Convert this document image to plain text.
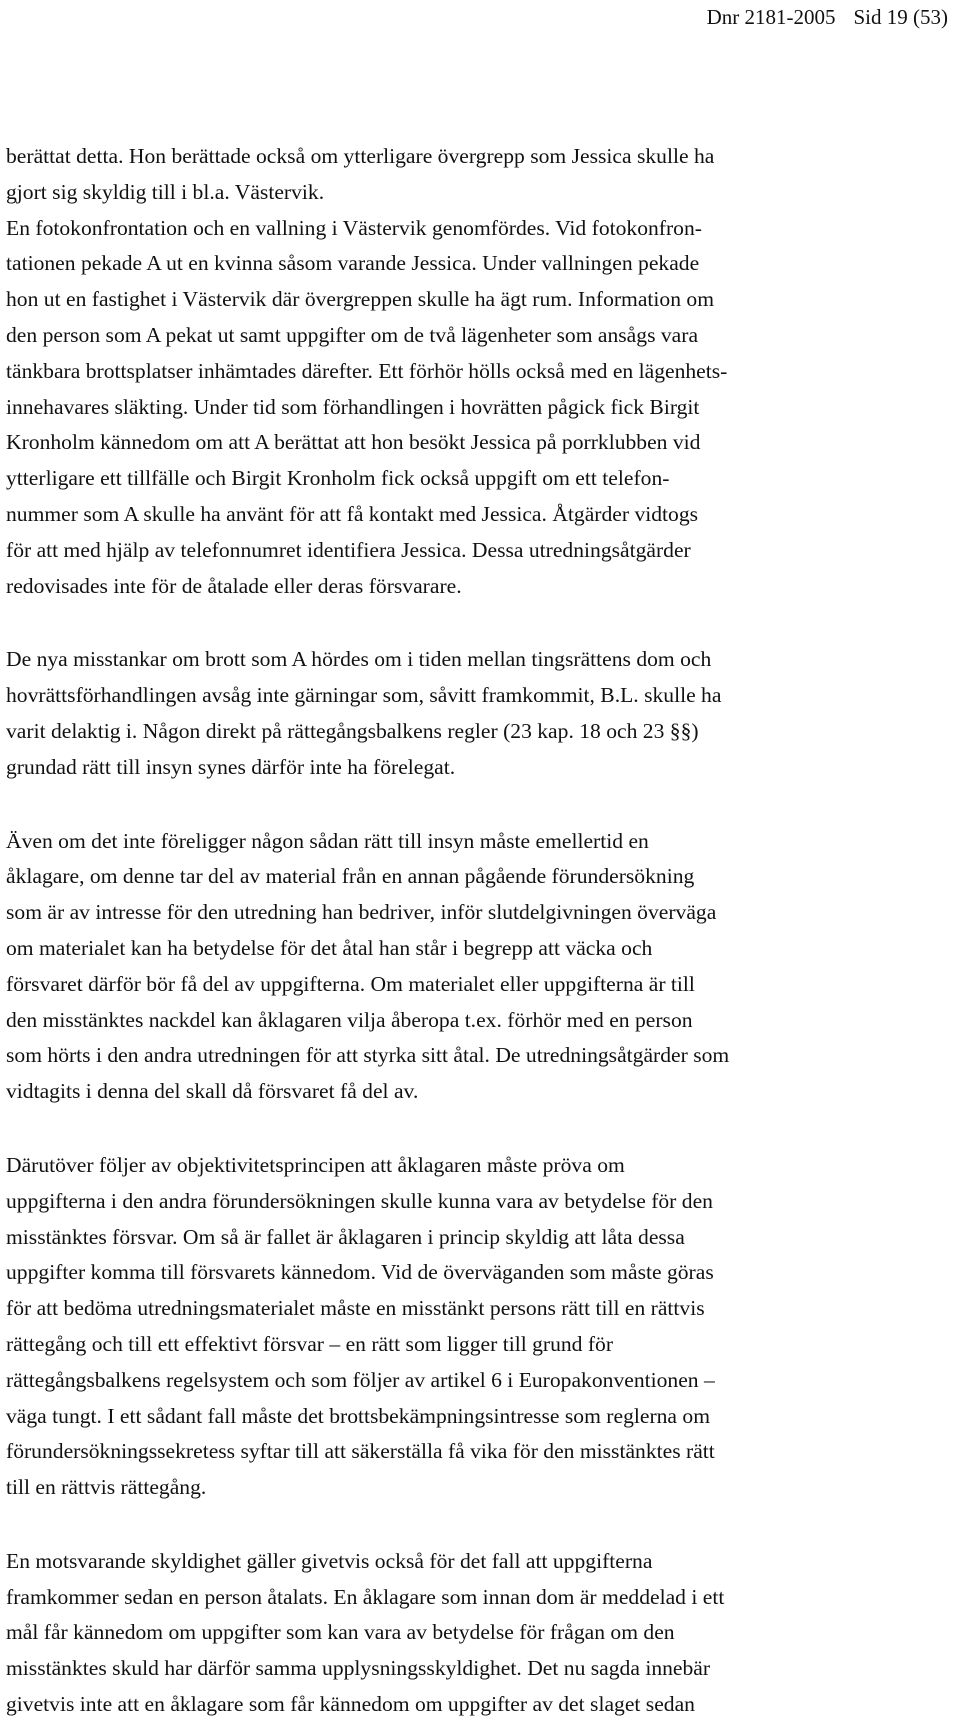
Dnr 2181-2005 Sid 19 (53)

berättat detta. Hon berättade också om ytterligare övergrepp som Jessica skulle ha
gjort sig skyldig till i bl.a. Västervik.
En fotokonfrontation och en vallning i Västervik genomfördes. Vid fotokonfron-
tationen pekade A ut en kvinna såsom varande Jessica. Under vallningen pekade
hon ut en fastighet i Västervik där övergreppen skulle ha ägt rum. Information om
den person som A pekat ut samt uppgifter om de två lägenheter som ansågs vara
tänkbara brottsplatser inhämtades därefter. Ett förhör hölls också med en lägenhets-
innehavares släkting. Under tid som förhandlingen i hovrätten pågick fick Birgit
Kronholm kännedom om att A berättat att hon besökt Jessica på porrklubben vid
ytterligare ett tillfälle och Birgit Kronholm fick också uppgift om ett telefon-
nummer som A skulle ha använt för att få kontakt med Jessica. Åtgärder vidtogs
för att med hjälp av telefonnumret identifiera Jessica. Dessa utredningsåtgärder
redovisades inte för de åtalade eller deras försvarare.

De nya misstankar om brott som A hördes om i tiden mellan tingsrättens dom och
hovrättsförhandlingen avsåg inte gärningar som, såvitt framkommit, B.L. skulle ha
varit delaktig i. Någon direkt på rättegångsbalkens regler (23 kap. 18 och 23 §§)
grundad rätt till insyn synes därför inte ha förelegat.

Även om det inte föreligger någon sådan rätt till insyn måste emellertid en
åklagare, om denne tar del av material från en annan pågående förundersökning
som är av intresse för den utredning han bedriver, inför slutdelgivningen överväga
om materialet kan ha betydelse för det åtal han står i begrepp att väcka och
försvaret därför bör få del av uppgifterna. Om materialet eller uppgifterna är till
den misstänktes nackdel kan åklagaren vilja åberopa t.ex. förhör med en person
som hörts i den andra utredningen för att styrka sitt åtal. De utredningsåtgärder som
vidtagits i denna del skall då försvaret få del av.

Därutöver följer av objektivitetsprincipen att åklagaren måste pröva om
uppgifterna i den andra förundersökningen skulle kunna vara av betydelse för den
misstänktes försvar. Om så är fallet är åklagaren i princip skyldig att låta dessa
uppgifter komma till försvarets kännedom. Vid de överväganden som måste göras
för att bedöma utredningsmaterialet måste en misstänkt persons rätt till en rättvis
rättegång och till ett effektivt försvar – en rätt som ligger till grund för
rättegångsbalkens regelsystem och som följer av artikel 6 i Europakonventionen –
väga tungt. I ett sådant fall måste det brottsbekämpningsintresse som reglerna om
förundersökningssekretess syftar till att säkerställa få vika för den misstänktes rätt
till en rättvis rättegång.

En motsvarande skyldighet gäller givetvis också för det fall att uppgifterna
framkommer sedan en person åtalats. En åklagare som innan dom är meddelad i ett
mål får kännedom om uppgifter som kan vara av betydelse för frågan om den
misstänktes skuld har därför samma upplysningsskyldighet. Det nu sagda innebär
givetvis inte att en åklagare som får kännedom om uppgifter av det slaget sedan
